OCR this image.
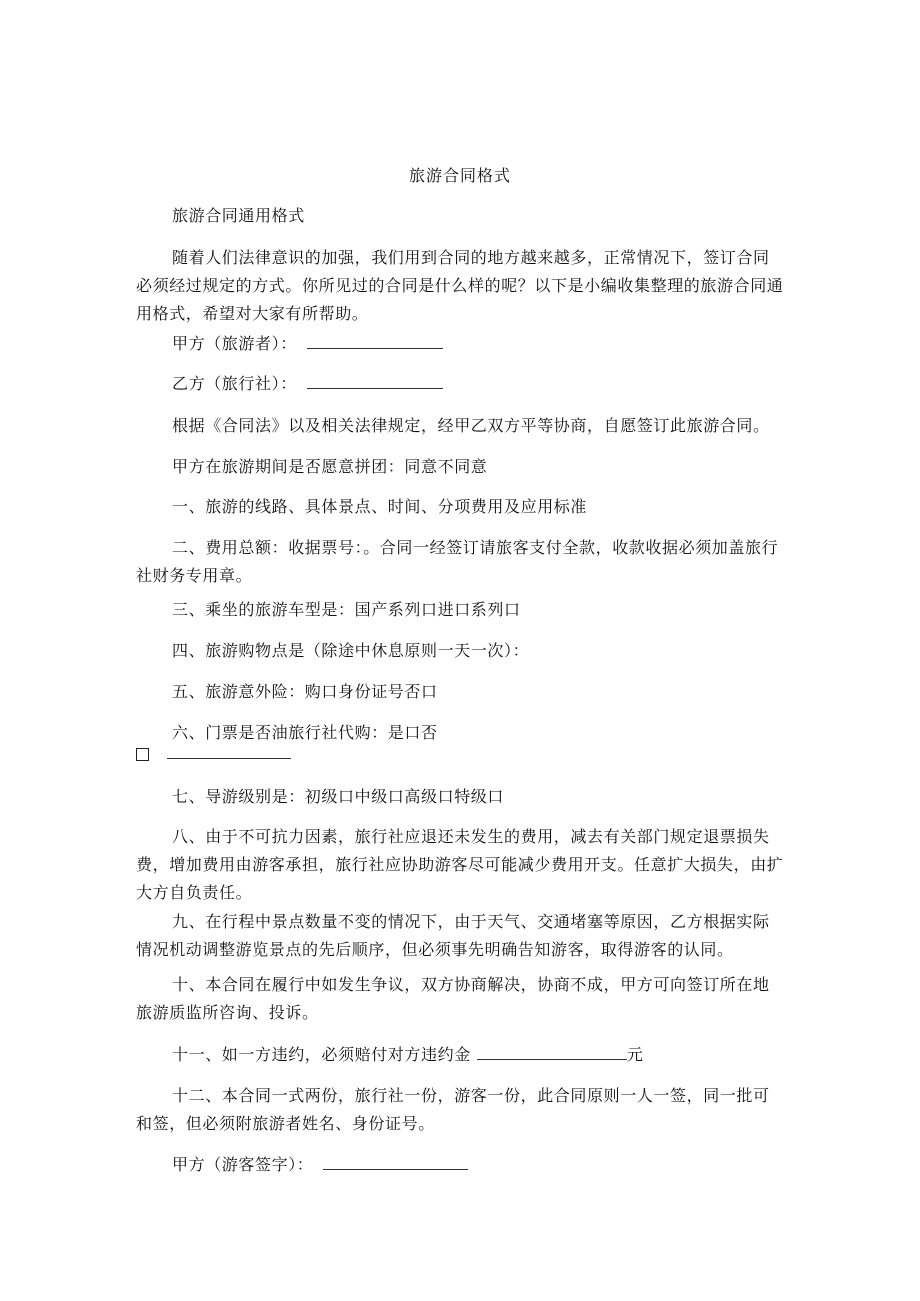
旅游合同格式
旅游合同通用格式
随着人们法律意识的加强，我们用到合同的地方越来越多，正常情况下，签订合同必须经过规定的方式。你所见过的合同是什么样的呢？以下是小编收集整理的旅游合同通用格式，希望对大家有所帮助。
甲方（旅游者）：
乙方（旅行社）：
根据《合同法》以及相关法律规定，经甲乙双方平等协商，自愿签订此旅游合同。
甲方在旅游期间是否愿意拼团：同意不同意
一、旅游的线路、具体景点、时间、分项费用及应用标准
二、费用总额：收据票号：。合同一经签订请旅客支付全款，收款收据必须加盖旅行社财务专用章。
三、乘坐的旅游车型是：国产系列口进口系列口
四、旅游购物点是（除途中休息原则一天一次）：
五、旅游意外险：购口身份证号否口
六、门票是否油旅行社代购：是口否
七、导游级别是：初级口中级口高级口特级口
八、由于不可抗力因素，旅行社应退还未发生的费用，减去有关部门规定退票损失费，增加费用由游客承担，旅行社应协助游客尽可能减少费用开支。任意扩大损失，由扩大方自负责任。
九、在行程中景点数量不变的情况下，由于天气、交通堵塞等原因，乙方根据实际情况机动调整游览景点的先后顺序，但必须事先明确告知游客，取得游客的认同。
十、本合同在履行中如发生争议，双方协商解决，协商不成，甲方可向签订所在地旅游质监所咨询、投诉。
十一、如一方违约，必须赔付对方违约金	元
十二、本合同一式两份，旅行社一份，游客一份，此合同原则一人一签，同一批可和签，但必须附旅游者姓名、身份证号。
甲方（游客签字）：
